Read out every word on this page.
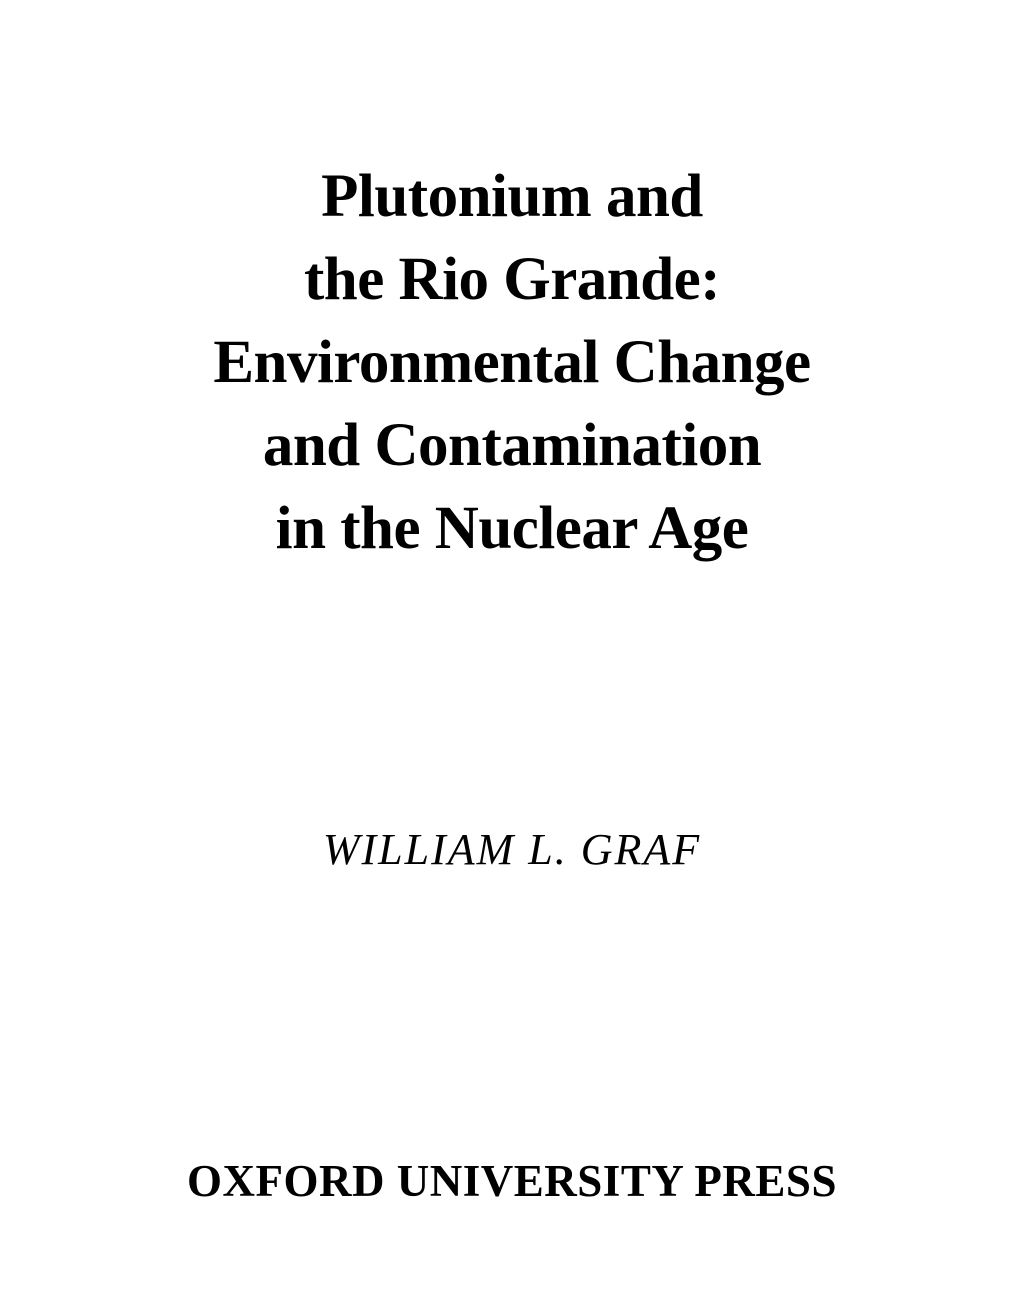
Plutonium and
the Rio Grande:
Environmental Change
and Contamination
in the Nuclear Age
WILLIAM L. GRAF
OXFORD UNIVERSITY PRESS
